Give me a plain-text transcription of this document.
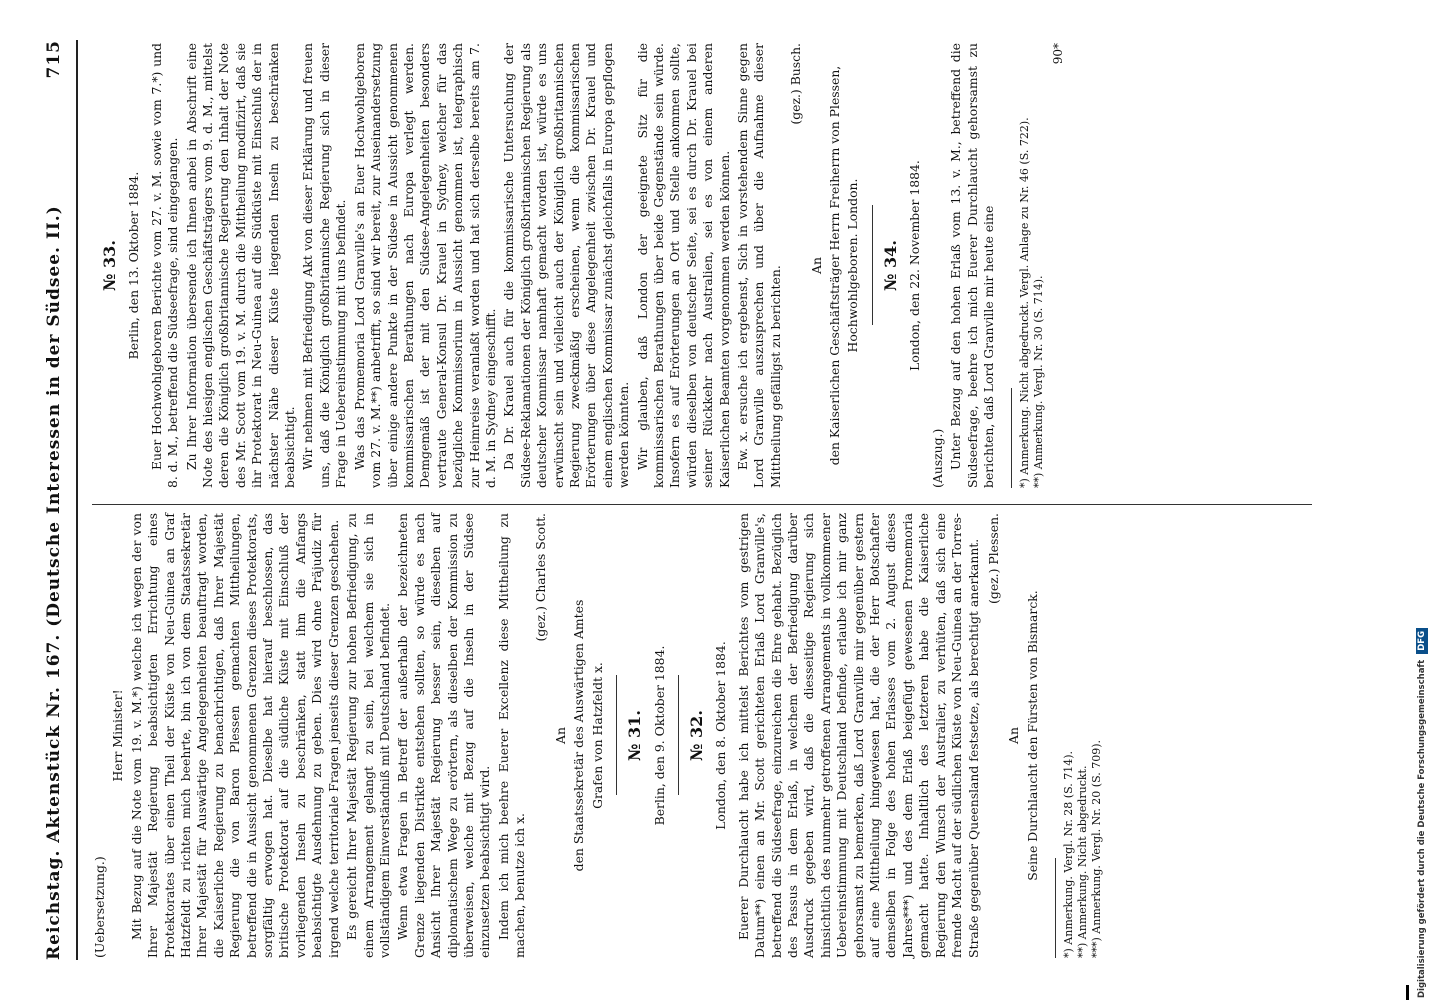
Reichstag. Aktenstück Nr. 167. (Deutsche Interessen in der Südsee. II.)
715

(Uebersetzung.)

Herr Minister! Mit Bezug auf die Note vom 19. v. M.*) welche ich wegen der von Ihrer Majestät Regierung beabsichtigten Errichtung eines Protektorates über einen Theil der Küste von Neu-Guinea an Graf Hatzfeldt zu richten mich beehrte, bin ich von dem Staatssekretär Ihrer Majestät für Auswärtige Angelegenheiten beauftragt worden, die Kaiserliche Regierung zu benachrichtigen, daß Ihrer Majestät Regierung die von Baron Plessen gemachten Mittheilungen, betreffend die in Aussicht genommenen Grenzen dieses Protektorats, sorgfältig erwogen hat. Dieselbe hat hierauf beschlossen, das britische Protektorat auf die südliche Küste mit Einschluß der vorliegenden Inseln zu beschränken, statt ihm die Anfangs beabsichtigte Ausdehnung zu geben. Dies wird ohne Präjudiz für irgend welche territoriale Fragen jenseits dieser Grenzen geschehen. Es gereicht Ihrer Majestät Regierung zur hohen Befriedigung, zu einem Arrangement gelangt zu sein, bei welchem sie sich in vollständigem Einverständniß mit Deutschland befindet. Wenn etwa Fragen in Betreff der außerhalb der bezeichneten Grenze liegenden Distrikte entstehen sollten, so würde es nach Ansicht Ihrer Majestät Regierung besser sein, dieselben auf diplomatischem Wege zu erörtern, als dieselben der Kommission zu überweisen, welche mit Bezug auf die Inseln in der Südsee einzusetzen beabsichtigt wird. Indem ich mich beehre Euerer Excellenz diese Mittheilung zu machen, benutze ich x.

(gez.) Charles Scott.

An den Staatssekretär des Auswärtigen Amtes Grafen von Hatzfeldt x. № 31. Berlin, den 9. Oktober 1884. № 32. London, den 8. Oktober 1884. Euerer Durchlaucht habe ich mittelst Berichtes vom gestrigen Datum**) einen an Mr. Scott gerichteten Erlaß Lord Granville's, betreffend die Südseefrage, einzureichen die Ehre gehabt. Bezüglich des Passus in dem Erlaß, in welchem der Befriedigung darüber Ausdruck gegeben wird, daß die diesseitige Regierung sich hinsichtlich des nunmehr getroffenen Arrangements in vollkommener Uebereinstimmung mit Deutschland befinde, erlaube ich mir ganz gehorsamst zu bemerken, daß Lord Granville mir gegenüber gestern auf eine Mittheilung hingewiesen hat, die der Herr Botschafter demselben in Folge des hohen Erlasses vom 2. August dieses Jahres***) und des dem Erlaß beigefügt gewesenen Promemoria gemacht hatte. Inhaltlich des letzteren habe die Kaiserliche Regierung den Wunsch der Australier, zu verhüten, daß sich eine fremde Macht auf der südlichen Küste von Neu-Guinea an der Torres-Straße gegenüber Queensland festsetze, als berechtigt anerkannt. (gez.) Plessen.

An Seine Durchlaucht den Fürsten von Bismarck. *) Anmerkung. Vergl. Nr. 28 (S. 714). **) Anmerkung. Nicht abgedruckt. ***) Anmerkung. Vergl. Nr. 20 (S. 709).

№ 33. Berlin, den 13. Oktober 1884. Euer Hochwohlgeboren Berichte vom 27. v. M. sowie vom 7.*) und 8. d. M., betreffend die Südseefrage, sind eingegangen. Zu Ihrer Information übersende ich Ihnen anbei in Abschrift eine Note des hiesigen englischen Geschäftsträgers vom 9. d. M., mittelst deren die Königlich großbritannische Regierung den Inhalt der Note des Mr. Scott vom 19. v. M. durch die Mittheilung modifizirt, daß sie ihr Protektorat in Neu-Guinea auf die Südküste mit Einschluß der in nächster Nähe dieser Küste liegenden Inseln zu beschränken beabsichtigt. Wir nehmen mit Befriedigung Akt von dieser Erklärung und freuen uns, daß die Königlich großbritannische Regierung sich in dieser Frage in Uebereinstimmung mit uns befindet. Was das Promemoria Lord Granville's an Euer Hochwohlgeboren vom 27. v. M.**) anbetrifft, so sind wir bereit, zur Auseinandersetzung über einige andere Punkte in der Südsee in Aussicht genommenen kommissarischen Berathungen nach Europa verlegt werden. Demgemäß ist der mit den Südsee-Angelegenheiten besonders vertraute General-Konsul Dr. Krauel in Sydney, welcher für das bezügliche Kommissorium in Aussicht genommen ist, telegraphisch zur Heimreise veranlaßt worden und hat sich derselbe bereits am 7. d. M. in Sydney eingeschifft. Da Dr. Krauel auch für die kommissarische Untersuchung der Südsee-Reklamationen der Königlich großbritannischen Regierung als deutscher Kommissar namhaft gemacht worden ist, würde es uns erwünscht sein und vielleicht auch der Königlich großbritannischen Regierung zweckmäßig erscheinen, wenn die kommissarischen Erörterungen über diese Angelegenheit zwischen Dr. Krauel und einem englischen Kommissar zunächst gleichfalls in Europa gepflogen werden könnten. Wir glauben, daß London der geeignete Sitz für die kommissarischen Berathungen über beide Gegenstände sein würde. Insofern es auf Erörterungen an Ort und Stelle ankommen sollte, würden dieselben von deutscher Seite, sei es durch Dr. Krauel bei seiner Rückkehr nach Australien, sei es von einem anderen Kaiserlichen Beamten vorgenommen werden können. Ew. x. ersuche ich ergebenst, Sich in vorstehendem Sinne gegen Lord Granville auszusprechen und über die Aufnahme dieser Mittheilung gefälligst zu berichten.

(gez.) Busch.

An den Kaiserlichen Geschäftsträger Herrn Freiherrn von Plessen, Hochwohlgeboren. London. № 34. London, den 22. November 1884.

(Auszug.) Unter Bezug auf den hohen Erlaß vom 13. v. M., betreffend die Südseefrage, beehre ich mich Euerer Durchlaucht gehorsamst zu berichten, daß Lord Granville mir heute eine *) Anmerkung. Nicht abgedruckt. Vergl. Anlage zu Nr. 46 (S. 722). **) Anmerkung. Vergl. Nr. 30 (S. 714).

90*

Digitalisierung gefördert durch die Deutsche ForschungsgemeinschaftDFG
